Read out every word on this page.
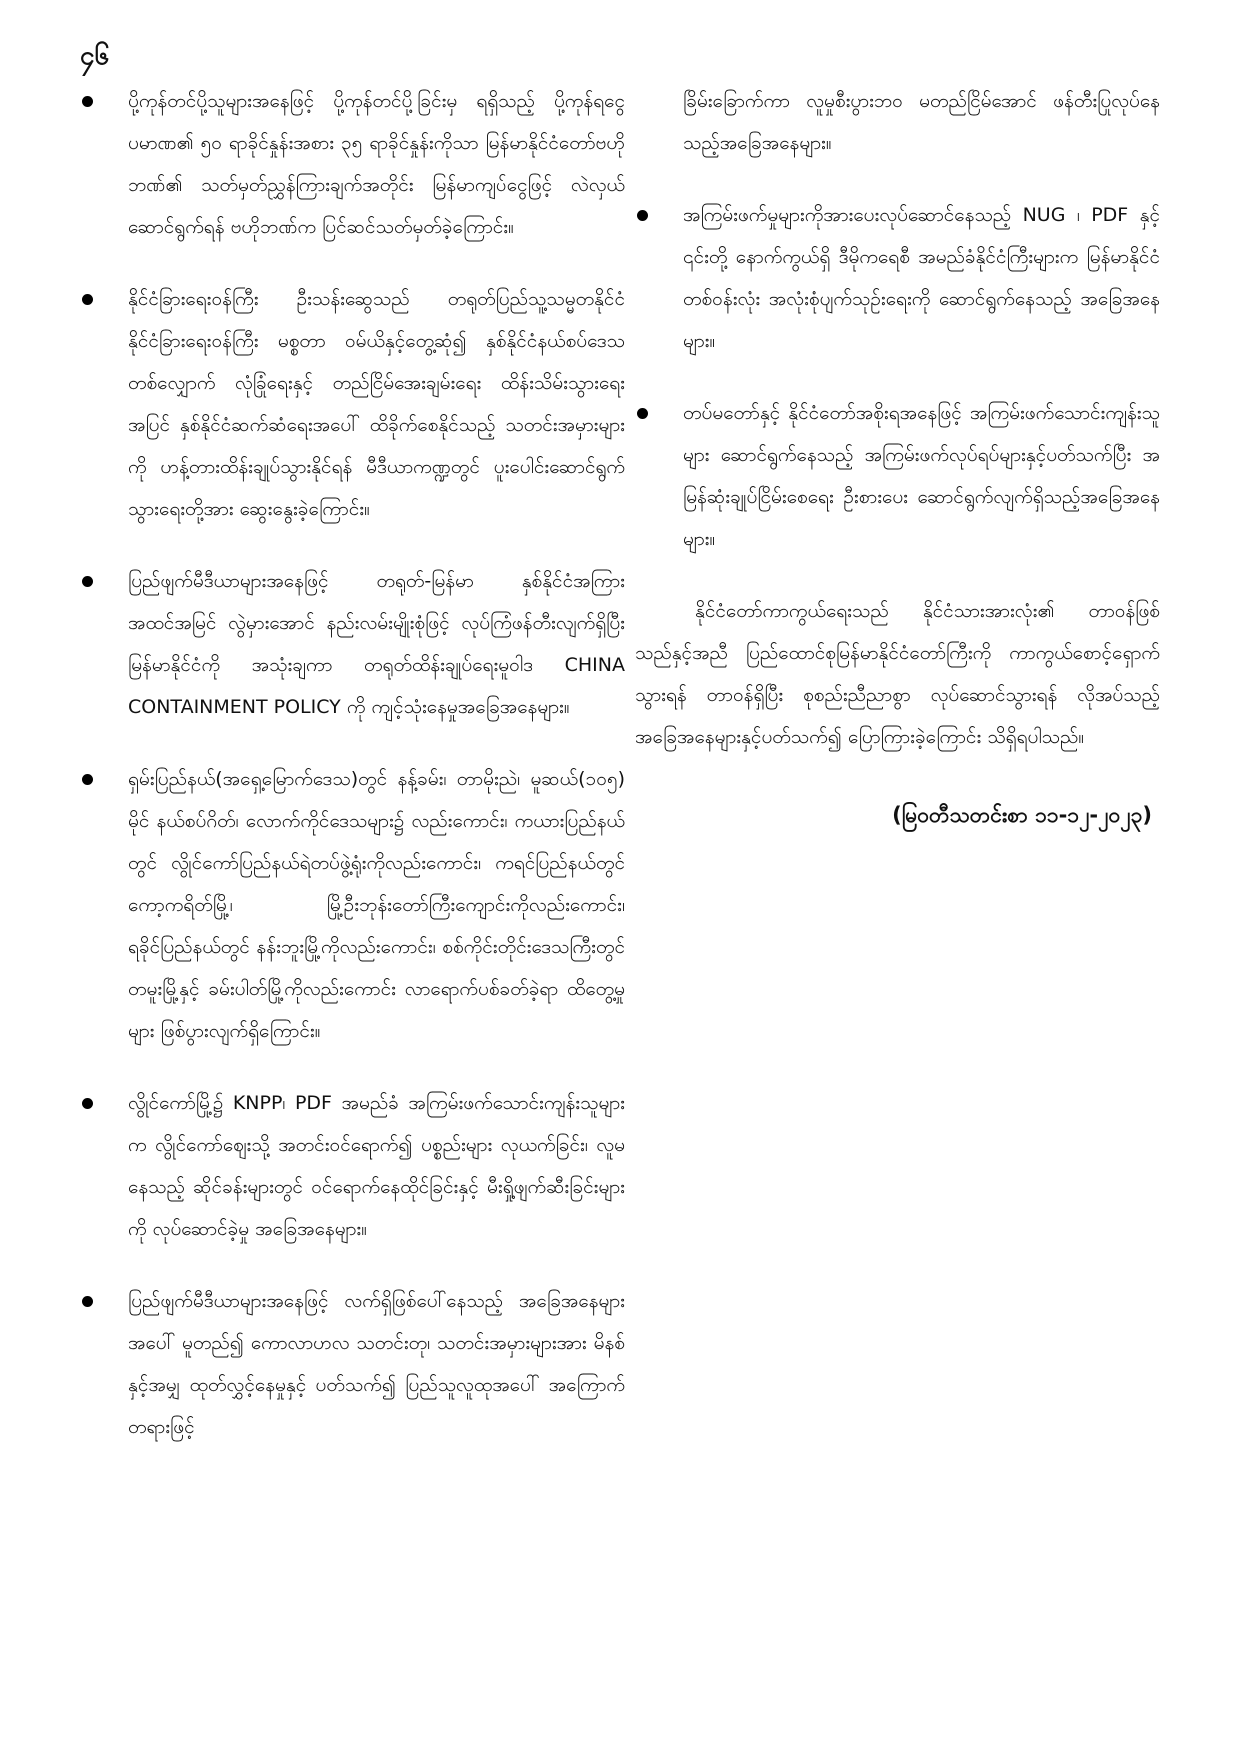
၄၆
ပို့ကုန်တင်ပို့သူများအနေဖြင့် ပို့ကုန်တင်ပို့ခြင်းမှ ရရှိသည့် ပို့ကုန်ရငွေပမာဏ၏ ၅၀ ရာခိုင်နှုန်းအစား ၃၅ ရာခိုင်နှုန်းကိုသာ မြန်မာနိုင်ငံတော်ဗဟိုဘဏ်၏ သတ်မှတ်ညွှန်ကြားချက်အတိုင်း မြန်မာကျပ်ငွေဖြင့် လဲလှယ်ဆောင်ရွက်ရန် ဗဟိုဘဏ်က ပြင်ဆင်သတ်မှတ်ခဲ့ကြောင်း။
နိုင်ငံခြားရေးဝန်ကြီး ဦးသန်းဆွေသည် တရုတ်ပြည်သူ့သမ္မတနိုင်ငံ နိုင်ငံခြားရေးဝန်ကြီး မစ္စတာ ဝမ်ယိနှင့်တွေ့ဆုံ၍ နှစ်နိုင်ငံနယ်စပ်ဒေသတစ်လျှောက် လုံခြုံရေးနှင့် တည်ငြိမ်အေးချမ်းရေး ထိန်းသိမ်းသွားရေးအပြင် နှစ်နိုင်ငံဆက်ဆံရေးအပေါ် ထိခိုက်စေနိုင်သည့် သတင်းအမှားများကို ဟန့်တားထိန်းချုပ်သွားနိုင်ရန် မီဒီယာကဏ္ဍတွင် ပူးပေါင်းဆောင်ရွက်သွားရေးတို့အား ဆွေးနွေးခဲ့ကြောင်း။
ပြည်ဖျက်မီဒီယာများအနေဖြင့် တရုတ်-မြန်မာ နှစ်နိုင်ငံအကြား အထင်အမြင် လွဲမှားအောင် နည်းလမ်းမျိုးစုံဖြင့် လုပ်ကြံဖန်တီးလျက်ရှိပြီး မြန်မာနိုင်ငံကို အသုံးချကာ တရုတ်ထိန်းချုပ်ရေးမူဝါဒ CHINA CONTAINMENT POLICY ကို ကျင့်သုံးနေမှုအခြေအနေများ။
ရှမ်းပြည်နယ်(အရှေ့မြောက်ဒေသ)တွင် နန့်ခမ်း၊ တာမိုးညဲ၊ မူဆယ်(၁၀၅) မိုင် နယ်စပ်ဂိတ်၊ လောက်ကိုင်ဒေသများ၌ လည်းကောင်း၊ ကယားပြည်နယ်တွင် လွိုင်ကော်ပြည်နယ်ရဲတပ်ဖွဲ့ရုံးကိုလည်းကောင်း၊ ကရင်ပြည်နယ်တွင် ကော့ကရိတ်မြို့၊ မြို့ဦးဘုန်းတော်ကြီးကျောင်းကိုလည်းကောင်း၊ ရခိုင်ပြည်နယ်တွင် နန်းဘူးမြို့ကိုလည်းကောင်း၊ စစ်ကိုင်းတိုင်းဒေသကြီးတွင် တမူးမြို့နှင့် ခမ်းပါတ်မြို့ကိုလည်းကောင်း လာရောက်ပစ်ခတ်ခဲ့ရာ ထိတွေ့မှုများ ဖြစ်ပွားလျက်ရှိကြောင်း။
လွိုင်ကော်မြို့၌ KNPP၊ PDF အမည်ခံ အကြမ်းဖက်သောင်းကျန်းသူများက လွိုင်ကော်ဈေးသို့ အတင်းဝင်ရောက်၍ ပစ္စည်းများ လုယက်ခြင်း၊ လူမနေသည့် ဆိုင်ခန်းများတွင် ဝင်ရောက်နေထိုင်ခြင်းနှင့် မီးရှို့ဖျက်ဆီးခြင်းများကို လုပ်ဆောင်ခဲ့မှု အခြေအနေများ။
ပြည်ဖျက်မီဒီယာများအနေဖြင့် လက်ရှိဖြစ်ပေါ်နေသည့် အခြေအနေများအပေါ် မူတည်၍ ကောလာဟလ သတင်းတု၊ သတင်းအမှားများအား မိနစ်နှင့်အမျှ ထုတ်လွှင့်နေမှုနှင့် ပတ်သက်၍ ပြည်သူလူထုအပေါ် အကြောက်တရားဖြင့်
ခြိမ်းခြောက်ကာ လူမှုစီးပွားဘဝ မတည်ငြိမ်အောင် ဖန်တီးပြုလုပ်နေသည့်အခြေအနေများ။
အကြမ်းဖက်မှုများကိုအားပေးလုပ်ဆောင်နေသည့် NUG ၊ PDF နှင့် ၎င်းတို့ နောက်ကွယ်ရှိ ဒီမိုကရေစီ အမည်ခံနိုင်ငံကြီးများက မြန်မာနိုင်ငံတစ်ဝန်းလုံး အလုံးစုံပျက်သုဉ်းရေးကို ဆောင်ရွက်နေသည့် အခြေအနေများ။
တပ်မတော်နှင့် နိုင်ငံတော်အစိုးရအနေဖြင့် အကြမ်းဖက်သောင်းကျန်းသူများ ဆောင်ရွက်နေသည့် အကြမ်းဖက်လုပ်ရပ်များနှင့်ပတ်သက်ပြီး အမြန်ဆုံးချုပ်ငြိမ်းစေရေး ဦးစားပေး ဆောင်ရွက်လျက်ရှိသည့်အခြေအနေများ။

နိုင်ငံတော်ကာကွယ်ရေးသည် နိုင်ငံသားအားလုံး၏ တာဝန်ဖြစ်သည်နှင့်အညီ ပြည်ထောင်စုမြန်မာနိုင်ငံတော်ကြီးကို ကာကွယ်စောင့်ရှောက်သွားရန် တာဝန်ရှိပြီး စုစည်းညီညာစွာ လုပ်ဆောင်သွားရန် လိုအပ်သည့်အခြေအနေများနှင့်ပတ်သက်၍ ပြောကြားခဲ့ကြောင်း သိရှိရပါသည်။

(မြဝတီသတင်းစာ ၁၁-၁၂-၂၀၂၃)
